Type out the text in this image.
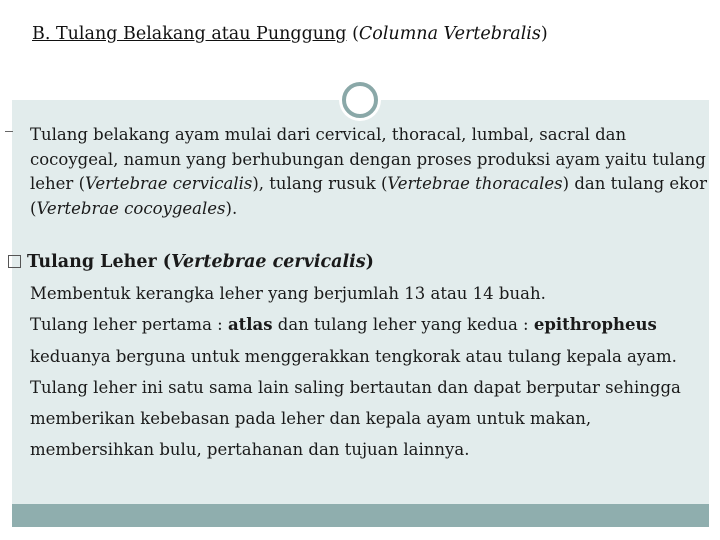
B. Tulang Belakang atau Punggung (Columna Vertebralis)
Tulang belakang ayam mulai dari cervical, thoracal, lumbal, sacral dan cocoygeal, namun yang berhubungan dengan proses produksi ayam yaitu tulang leher (Vertebrae cervicalis), tulang rusuk (Vertebrae thoracales) dan tulang ekor (Vertebrae cocoygeales).
Tulang Leher (Vertebrae cervicalis)
Membentuk kerangka leher yang berjumlah 13 atau 14 buah.
Tulang leher pertama : atlas dan tulang leher yang kedua : epithropheus
keduanya berguna untuk menggerakkan tengkorak atau tulang kepala ayam.
Tulang leher ini satu sama lain saling bertautan dan dapat berputar sehingga
memberikan kebebasan pada leher dan kepala ayam untuk makan,
membersihkan bulu, pertahanan dan tujuan lainnya.
